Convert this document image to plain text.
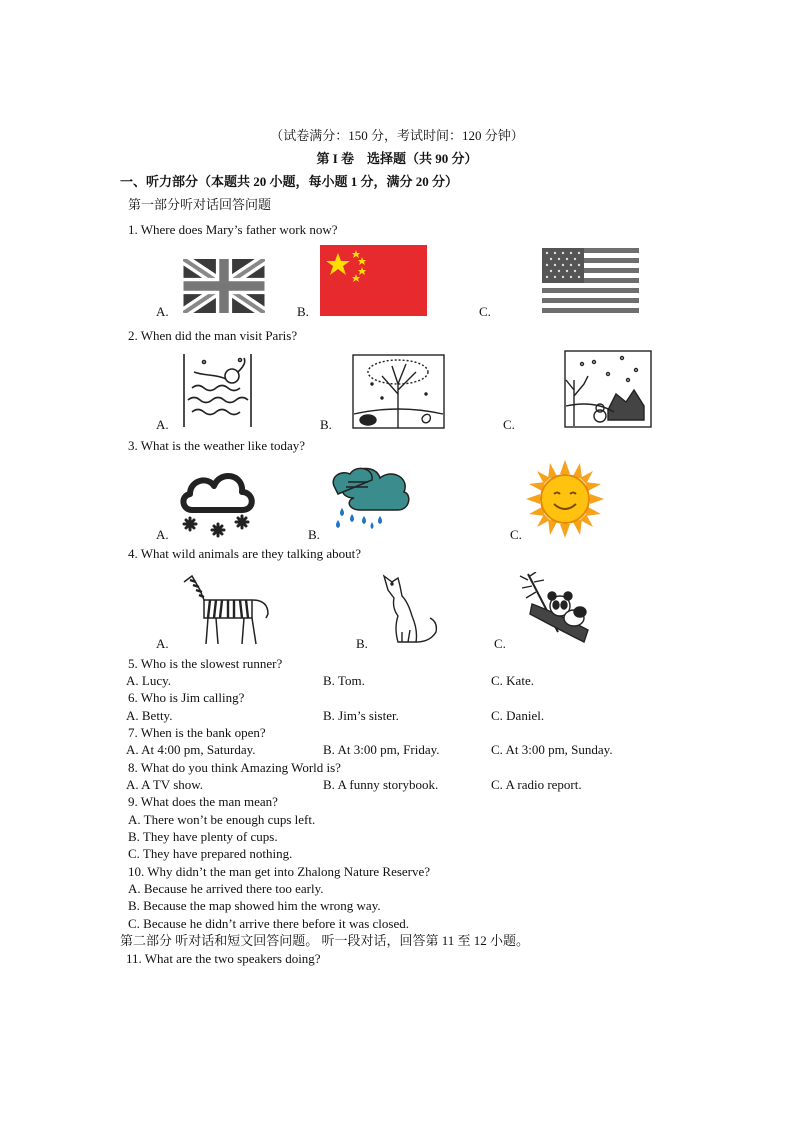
（试卷满分：150 分，考试时间：120 分钟）
第 I 卷　选择题（共 90 分）
一、听力部分（本题共 20 小题，每小题 1 分，满分 20 分）
第一部分听对话回答问题
1. Where does Mary’s father work now?
A.	B.	C.
2. When did the man visit Paris?
A.	B.	C.
3. What is the weather like today?
A.	B.	C.
4. What wild animals are they talking about?
A.	B.	C.
5. Who is the slowest runner?
A. Lucy.	B. Tom.	C. Kate.
6. Who is Jim calling?
A. Betty.	B. Jim’s sister.	C. Daniel.
7. When is the bank open?
A. At 4:00 pm, Saturday.	B. At 3:00 pm, Friday.	C. At 3:00 pm, Sunday.
8. What do you think Amazing World is?
A. A TV show.	B. A funny storybook.	C. A radio report.
9. What does the man mean?
A. There won’t be enough cups left.
B. They have plenty of cups.
C. They have prepared nothing.
10. Why didn’t the man get into Zhalong Nature Reserve?
A. Because he arrived there too early.
B. Because the map showed him the wrong way.
C. Because he didn’t arrive there before it was closed.
第二部分 听对话和短文回答问题。 听一段对话，回答第 11 至 12 小题。
11. What are the two speakers doing?
